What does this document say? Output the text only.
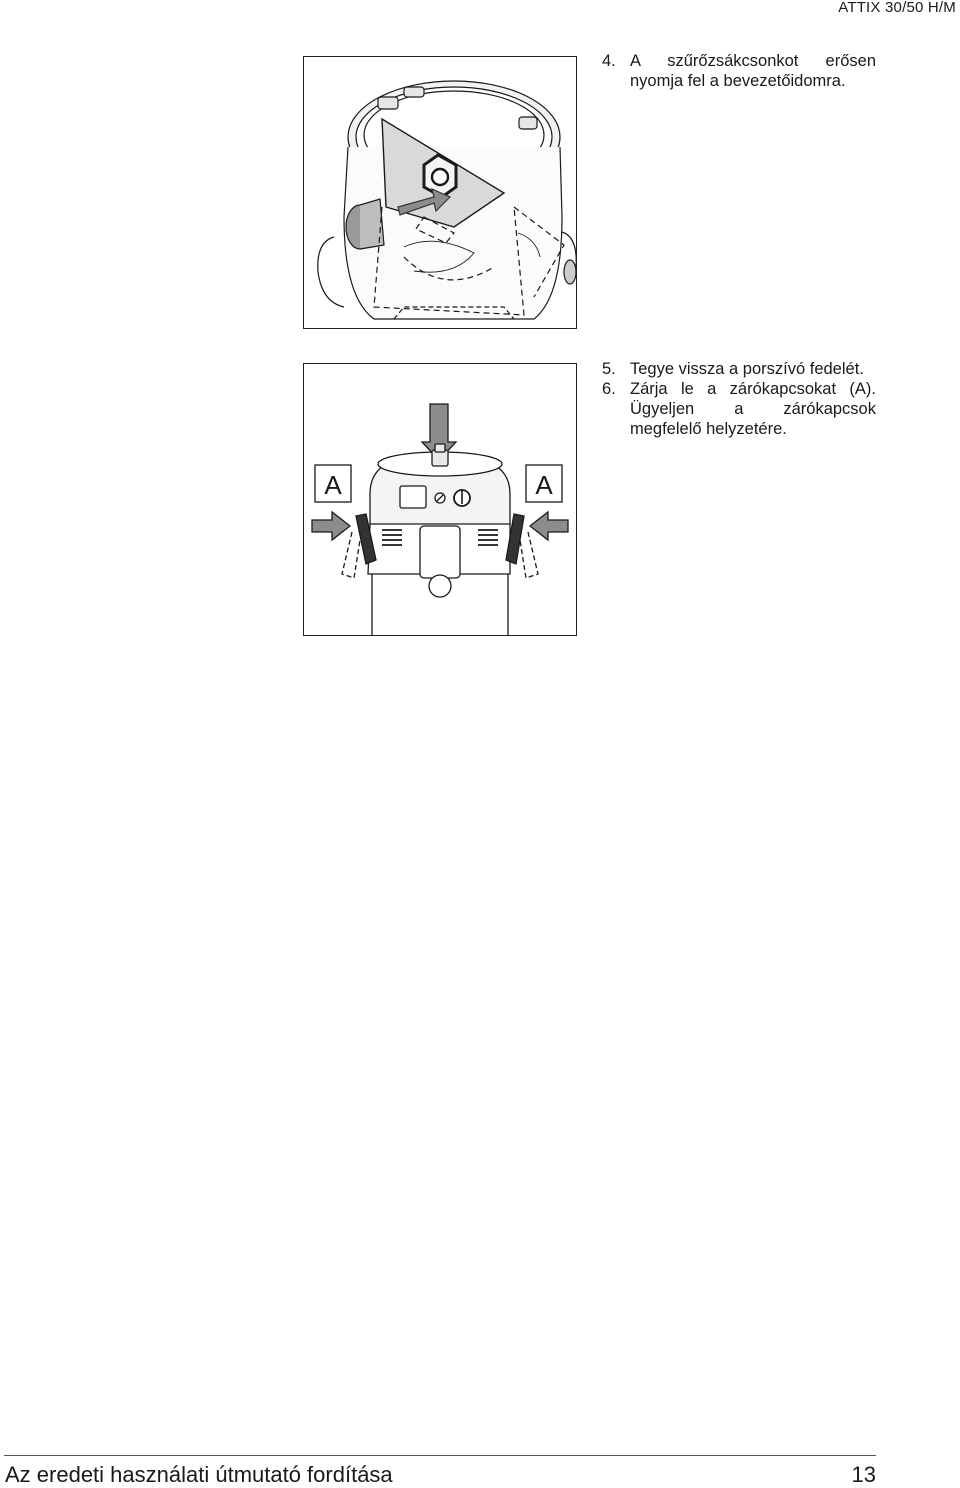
ATTIX 30/50 H/M
4. A szűrőzsákcsonkot erősen nyomja fel a bevezetőidomra.
A	A
5. Tegye vissza a porszívó fedelét.
6. Zárja le a zárókapcsokat (A). Ügyeljen a zárókapcsok megfelelő helyzetére.
Az eredeti használati útmutató fordítása	13
